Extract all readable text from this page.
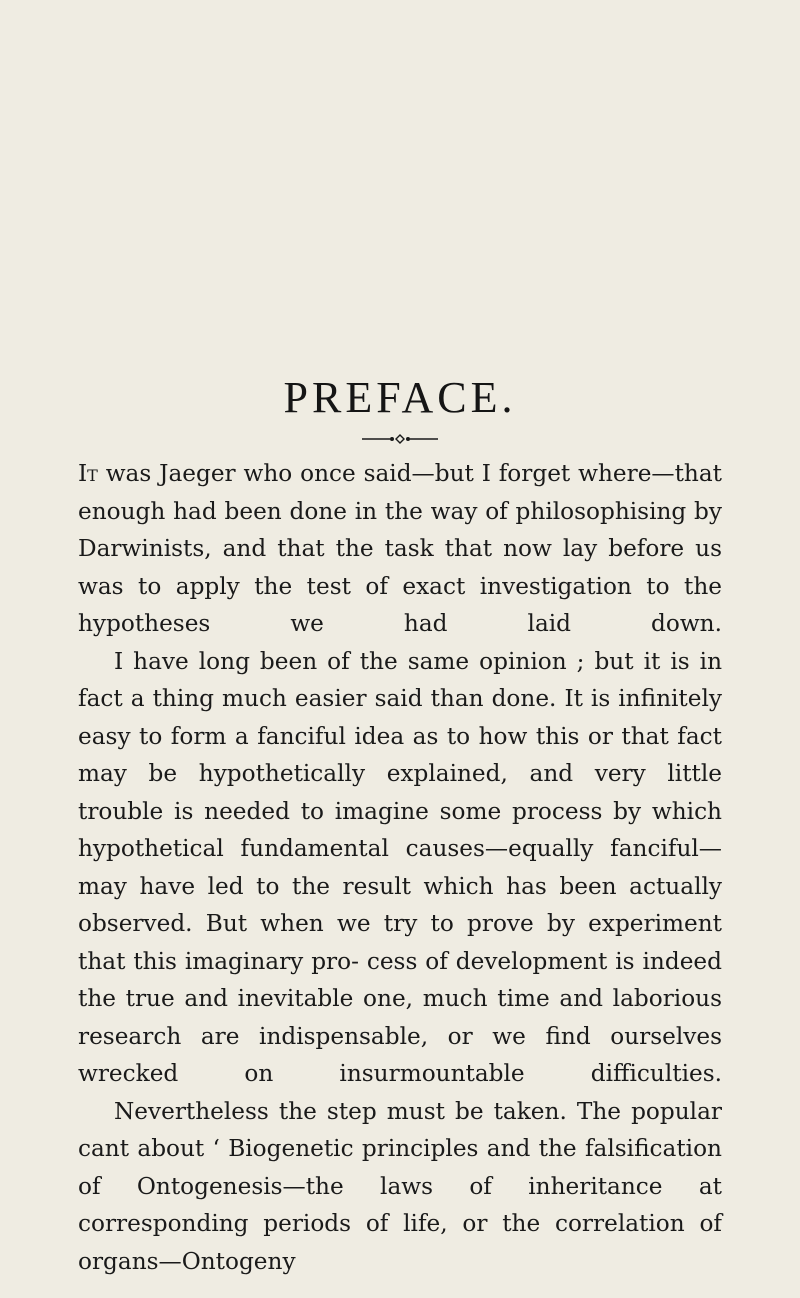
PREFACE.

It was Jaeger who once said—but I forget where—that enough had been done in the way of philosophising by Darwinists, and that the task that now lay before us was to apply the test of exact investigation to the hypotheses we had laid down.

I have long been of the same opinion ; but it is in fact a thing much easier said than done. It is infinitely easy to form a fanciful idea as to how this or that fact may be hypothetically explained, and very little trouble is needed to imagine some process by which hypothetical fundamental causes—equally fanciful—may have led to the result which has been actually observed. But when we try to prove by experiment that this imaginary pro- cess of development is indeed the true and inevitable one, much time and laborious research are indispensable, or we find ourselves wrecked on insurmountable difficulties.

Nevertheless the step must be taken. The popular cant about ‘ Biogenetic principles and the falsification of Ontogenesis—the laws of inheritance at corresponding periods of life, or the correlation of organs—Ontogeny
